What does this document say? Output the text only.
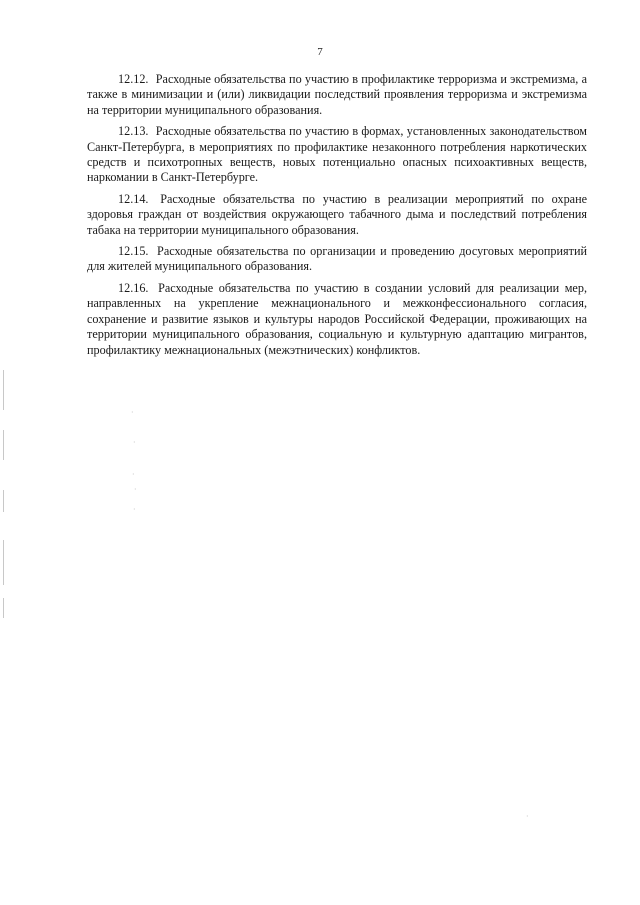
7

12.12. Расходные обязательства по участию в профилактике терроризма и экстремизма, а также в минимизации и (или) ликвидации последствий проявления терроризма и экстремизма на территории муниципального образования.

12.13. Расходные обязательства по участию в формах, установленных законодательством Санкт-Петербурга, в мероприятиях по профилактике незаконного потребления наркотических средств и психотропных веществ, новых потенциально опасных психоактивных веществ, наркомании в Санкт-Петербурге.

12.14. Расходные обязательства по участию в реализации мероприятий по охране здоровья граждан от воздействия окружающего табачного дыма и последствий потребления табака на территории муниципального образования.

12.15. Расходные обязательства по организации и проведению досуговых мероприятий для жителей муниципального образования.

12.16. Расходные обязательства по участию в создании условий для реализации мер, направленных на укрепление межнационального и межконфессионального согласия, сохранение и развитие языков и культуры народов Российской Федерации, проживающих на территории муниципального образования, социальную и культурную адаптацию мигрантов, профилактику межнациональных (межэтнических) конфликтов.

·
·
·
·
·
·
